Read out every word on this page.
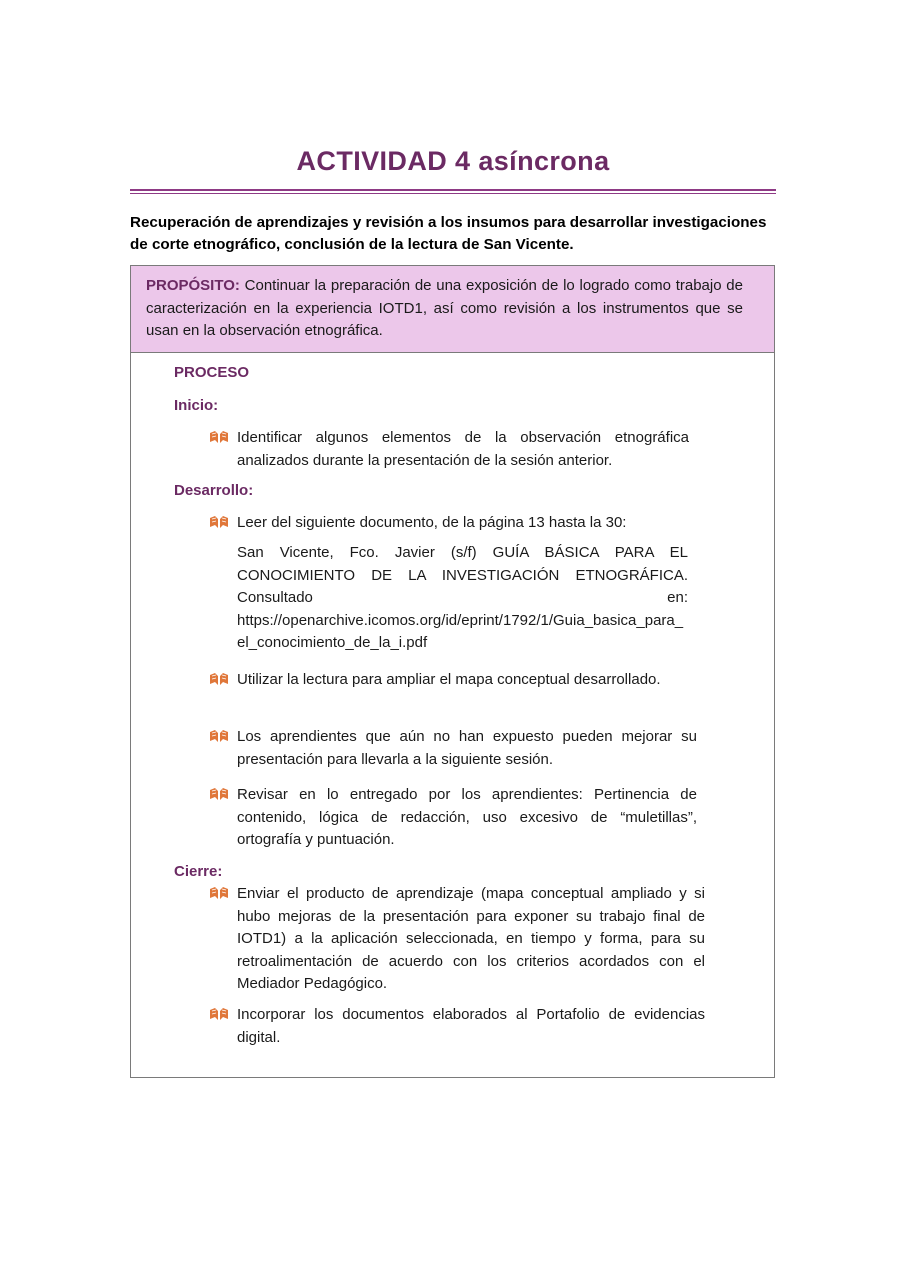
ACTIVIDAD 4 asíncrona
Recuperación de aprendizajes y revisión a los insumos para desarrollar investigaciones de corte etnográfico, conclusión de la lectura de San Vicente.
PROPÓSITO: Continuar la preparación de una exposición de lo logrado como trabajo de caracterización en la experiencia IOTD1, así como revisión a los instrumentos que se usan en la observación etnográfica.
PROCESO
Inicio:
Identificar algunos elementos de la observación etnográfica analizados durante la presentación de la sesión anterior.
Desarrollo:
Leer del siguiente documento, de la página 13 hasta la 30:
San Vicente, Fco. Javier (s/f) GUÍA BÁSICA PARA EL CONOCIMIENTO DE LA INVESTIGACIÓN ETNOGRÁFICA. Consultado en:
https://openarchive.icomos.org/id/eprint/1792/1/Guia_basica_para_el_conocimiento_de_la_i.pdf
Utilizar la lectura para ampliar el mapa conceptual desarrollado.
Los aprendientes que aún no han expuesto pueden mejorar su presentación para llevarla a la siguiente sesión.
Revisar en lo entregado por los aprendientes: Pertinencia de contenido, lógica de redacción, uso excesivo de “muletillas”, ortografía y puntuación.
Cierre:
Enviar el producto de aprendizaje (mapa conceptual ampliado y si hubo mejoras de la presentación para exponer su trabajo final de IOTD1) a la aplicación seleccionada, en tiempo y forma, para su retroalimentación de acuerdo con los criterios acordados con el Mediador Pedagógico.
Incorporar los documentos elaborados al Portafolio de evidencias digital.
